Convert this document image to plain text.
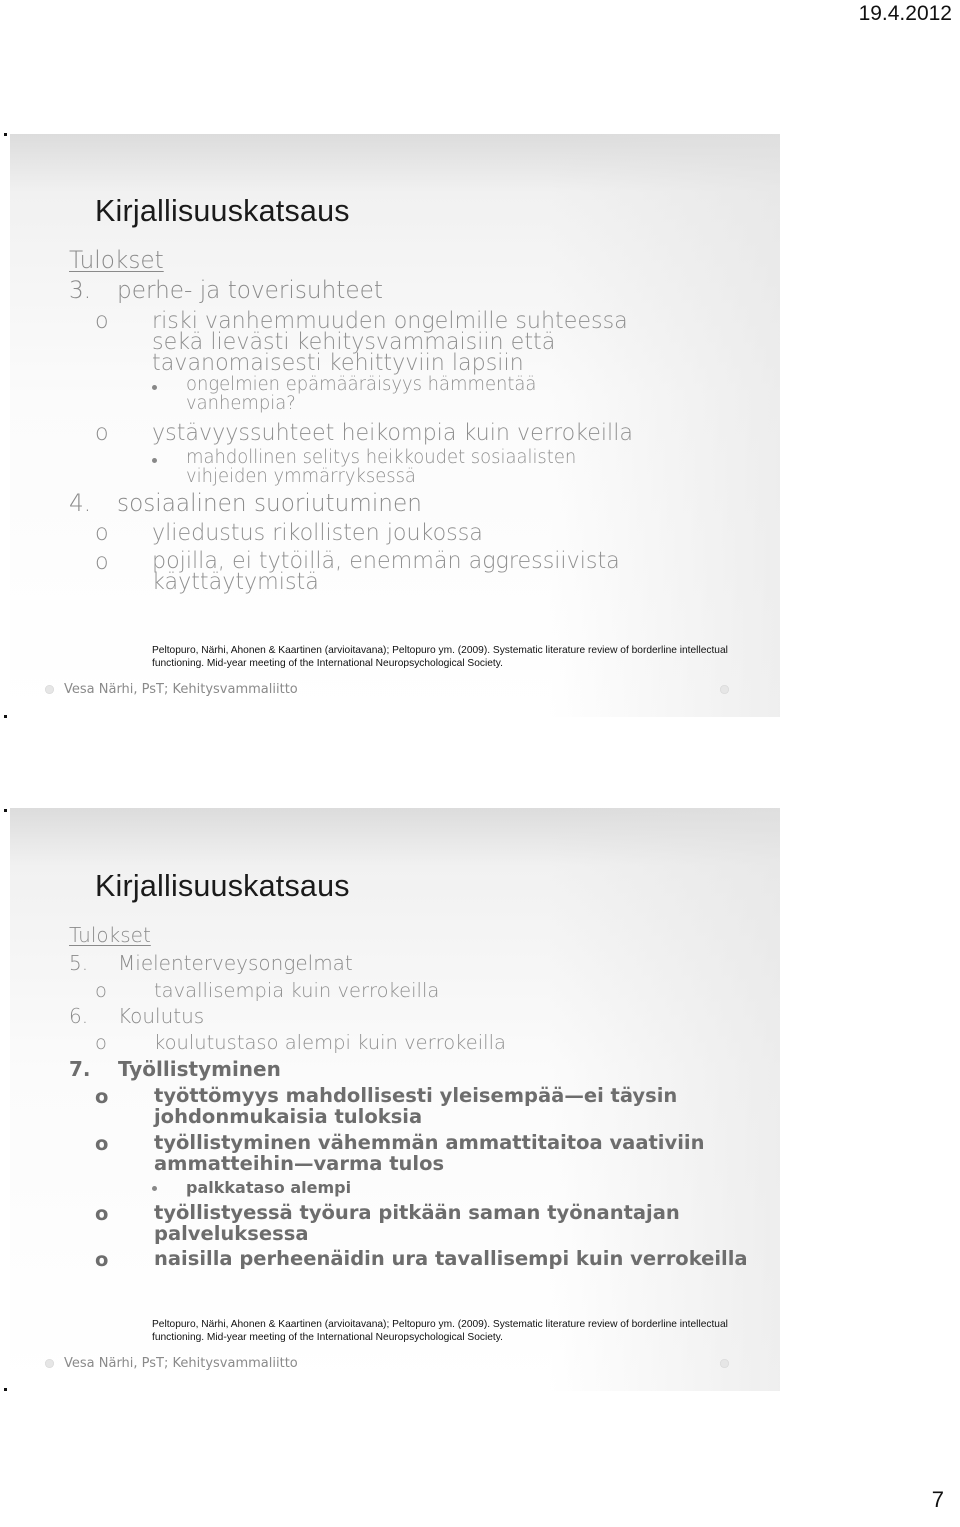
19.4.2012
Kirjallisuuskatsaus
Tulokset
3. perhe- ja toverisuhteet
o riski vanhemmuuden ongelmille suhteessa
sekä lievästi kehitysvammaisiin että
tavanomaisesti kehittyviin lapsiin
ongelmien epämääräisyys hämmentää
vanhempia?
o ystävyyssuhteet heikompia kuin verrokeilla
mahdollinen selitys heikkoudet sosiaalisten
vihjeiden ymmärryksessä
4. sosiaalinen suoriutuminen
o yliedustus rikollisten joukossa
o pojilla, ei tytöillä, enemmän aggressiivista
käyttäytymistä
Peltopuro, Närhi, Ahonen & Kaartinen (arvioitavana); Peltopuro ym. (2009). Systematic literature review of borderline intellectual functioning. Mid-year meeting of the International Neuropsychological Society.
Vesa Närhi, PsT; Kehitysvammaliitto
Kirjallisuuskatsaus
Tulokset
5. Mielenterveysongelmat
o tavallisempia kuin verrokeilla
6. Koulutus
o koulutustaso alempi kuin verrokeilla
7. Työllistyminen
o työttömyys mahdollisesti yleisempää—ei täysin
johdonmukaisia tuloksia
o työllistyminen vähemmän ammattitaitoa vaativiin
ammatteihin—varma tulos
palkkataso alempi
o työllistyessä työura pitkään saman työnantajan
palveluksessa
o naisilla perheenäidin ura tavallisempi kuin verrokeilla
Peltopuro, Närhi, Ahonen & Kaartinen (arvioitavana); Peltopuro ym. (2009). Systematic literature review of borderline intellectual functioning. Mid-year meeting of the International Neuropsychological Society.
Vesa Närhi, PsT; Kehitysvammaliitto
7
